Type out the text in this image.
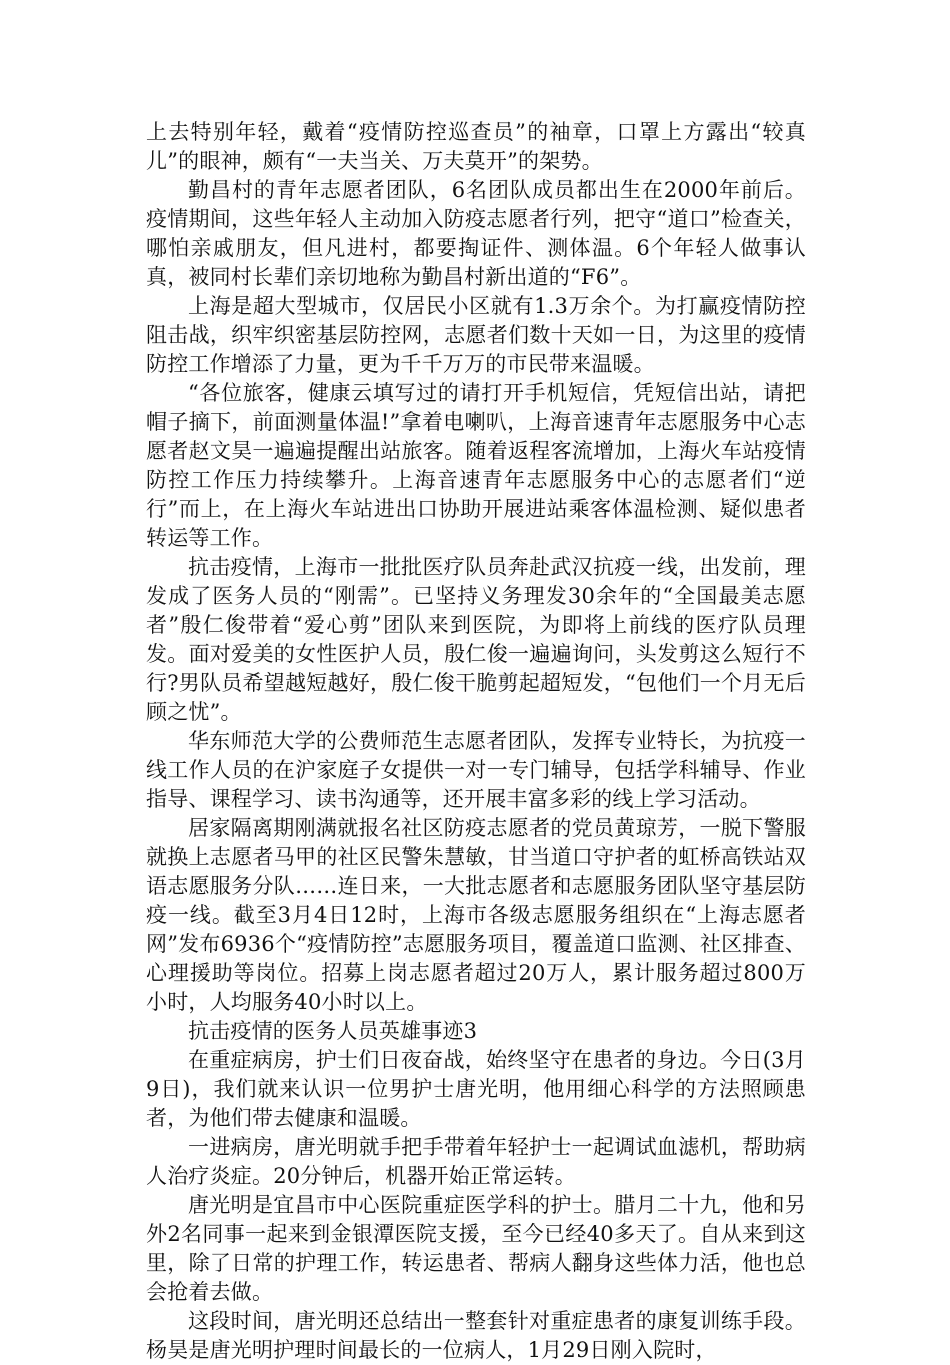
上去特别年轻，戴着“疫情防控巡查员”的袖章，口罩上方露出“较真儿”的眼神，颇有“一夫当关、万夫莫开”的架势。

勤昌村的青年志愿者团队，6名团队成员都出生在2000年前后。疫情期间，这些年轻人主动加入防疫志愿者行列，把守“道口”检查关，哪怕亲戚朋友，但凡进村，都要掏证件、测体温。6个年轻人做事认真，被同村长辈们亲切地称为勤昌村新出道的“F6”。

上海是超大型城市，仅居民小区就有1.3万余个。为打赢疫情防控阻击战，织牢织密基层防控网，志愿者们数十天如一日，为这里的疫情防控工作增添了力量，更为千千万万的市民带来温暖。

“各位旅客，健康云填写过的请打开手机短信，凭短信出站，请把帽子摘下，前面测量体温!”拿着电喇叭，上海音速青年志愿服务中心志愿者赵文昊一遍遍提醒出站旅客。随着返程客流增加，上海火车站疫情防控工作压力持续攀升。上海音速青年志愿服务中心的志愿者们“逆行”而上，在上海火车站进出口协助开展进站乘客体温检测、疑似患者转运等工作。

抗击疫情，上海市一批批医疗队员奔赴武汉抗疫一线，出发前，理发成了医务人员的“刚需”。已坚持义务理发30余年的“全国最美志愿者”殷仁俊带着“爱心剪”团队来到医院，为即将上前线的医疗队员理发。面对爱美的女性医护人员，殷仁俊一遍遍询问，头发剪这么短行不行?男队员希望越短越好，殷仁俊干脆剪起超短发，“包他们一个月无后顾之忧”。

华东师范大学的公费师范生志愿者团队，发挥专业特长，为抗疫一线工作人员的在沪家庭子女提供一对一专门辅导，包括学科辅导、作业指导、课程学习、读书沟通等，还开展丰富多彩的线上学习活动。

居家隔离期刚满就报名社区防疫志愿者的党员黄琼芳，一脱下警服就换上志愿者马甲的社区民警朱慧敏，甘当道口守护者的虹桥高铁站双语志愿服务分队……连日来，一大批志愿者和志愿服务团队坚守基层防疫一线。截至3月4日12时，上海市各级志愿服务组织在“上海志愿者网”发布6936个“疫情防控”志愿服务项目，覆盖道口监测、社区排查、心理援助等岗位。招募上岗志愿者超过20万人，累计服务超过800万小时，人均服务40小时以上。

抗击疫情的医务人员英雄事迹3

在重症病房，护士们日夜奋战，始终坚守在患者的身边。今日(3月9日)，我们就来认识一位男护士唐光明，他用细心科学的方法照顾患者，为他们带去健康和温暖。

一进病房，唐光明就手把手带着年轻护士一起调试血滤机，帮助病人治疗炎症。20分钟后，机器开始正常运转。

唐光明是宜昌市中心医院重症医学科的护士。腊月二十九，他和另外2名同事一起来到金银潭医院支援，至今已经40多天了。自从来到这里，除了日常的护理工作，转运患者、帮病人翻身这些体力活，他也总会抢着去做。

这段时间，唐光明还总结出一整套针对重症患者的康复训练手段。杨昊是唐光明护理时间最长的一位病人，1月29日刚入院时，
